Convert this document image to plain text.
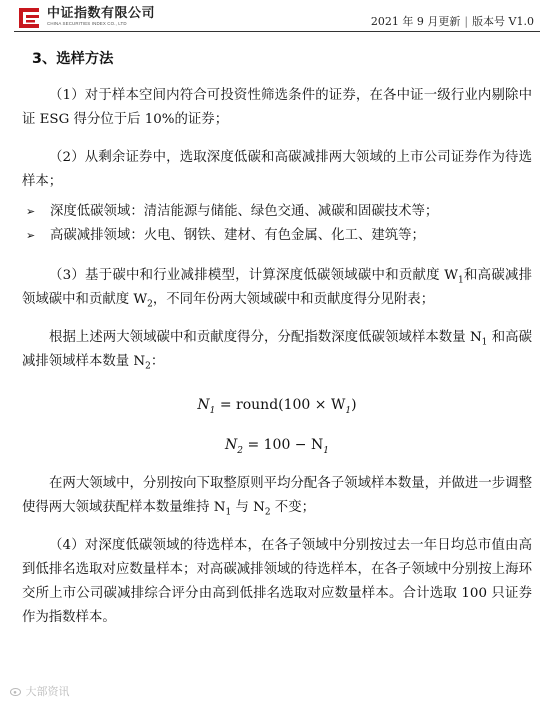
中证指数有限公司
CHINA SECURITIES INDEX CO., LTD	2021 年 9 月更新 | 版本号 V1.0
3、选样方法

（1）对于样本空间内符合可投资性筛选条件的证券，在各中证一级行业内剔除中证 ESG 得分位于后 10%的证券；

（2）从剩余证券中，选取深度低碳和高碳减排两大领域的上市公司证券作为待选样本；

➢	深度低碳领域：清洁能源与储能、绿色交通、减碳和固碳技术等；
➢	高碳减排领域：火电、钢铁、建材、有色金属、化工、建筑等；

（3）基于碳中和行业减排模型，计算深度低碳领域碳中和贡献度 $W_1$和高碳减排领域碳中和贡献度 $W_2$，不同年份两大领域碳中和贡献度得分见附表；

根据上述两大领域碳中和贡献度得分，分配指数深度低碳领域样本数量 $N_1$ 和高碳减排领域样本数量 $N_2$：

$N_1$ = round(100 × $W_1$)
$N_2 = 100 - N_1$

在两大领域中，分别按向下取整原则平均分配各子领域样本数量，并做进一步调整使得两大领域获配样本数量维持 $N_1$ 与 $N_2$ 不变；

（4）对深度低碳领域的待选样本，在各子领域中分别按过去一年日均总市值由高到低排名选取对应数量样本；对高碳减排领域的待选样本，在各子领域中分别按上海环交所上市公司碳减排综合评分由高到低排名选取对应数量样本。合计选取 100 只证券作为指数样本。

大部资讯
